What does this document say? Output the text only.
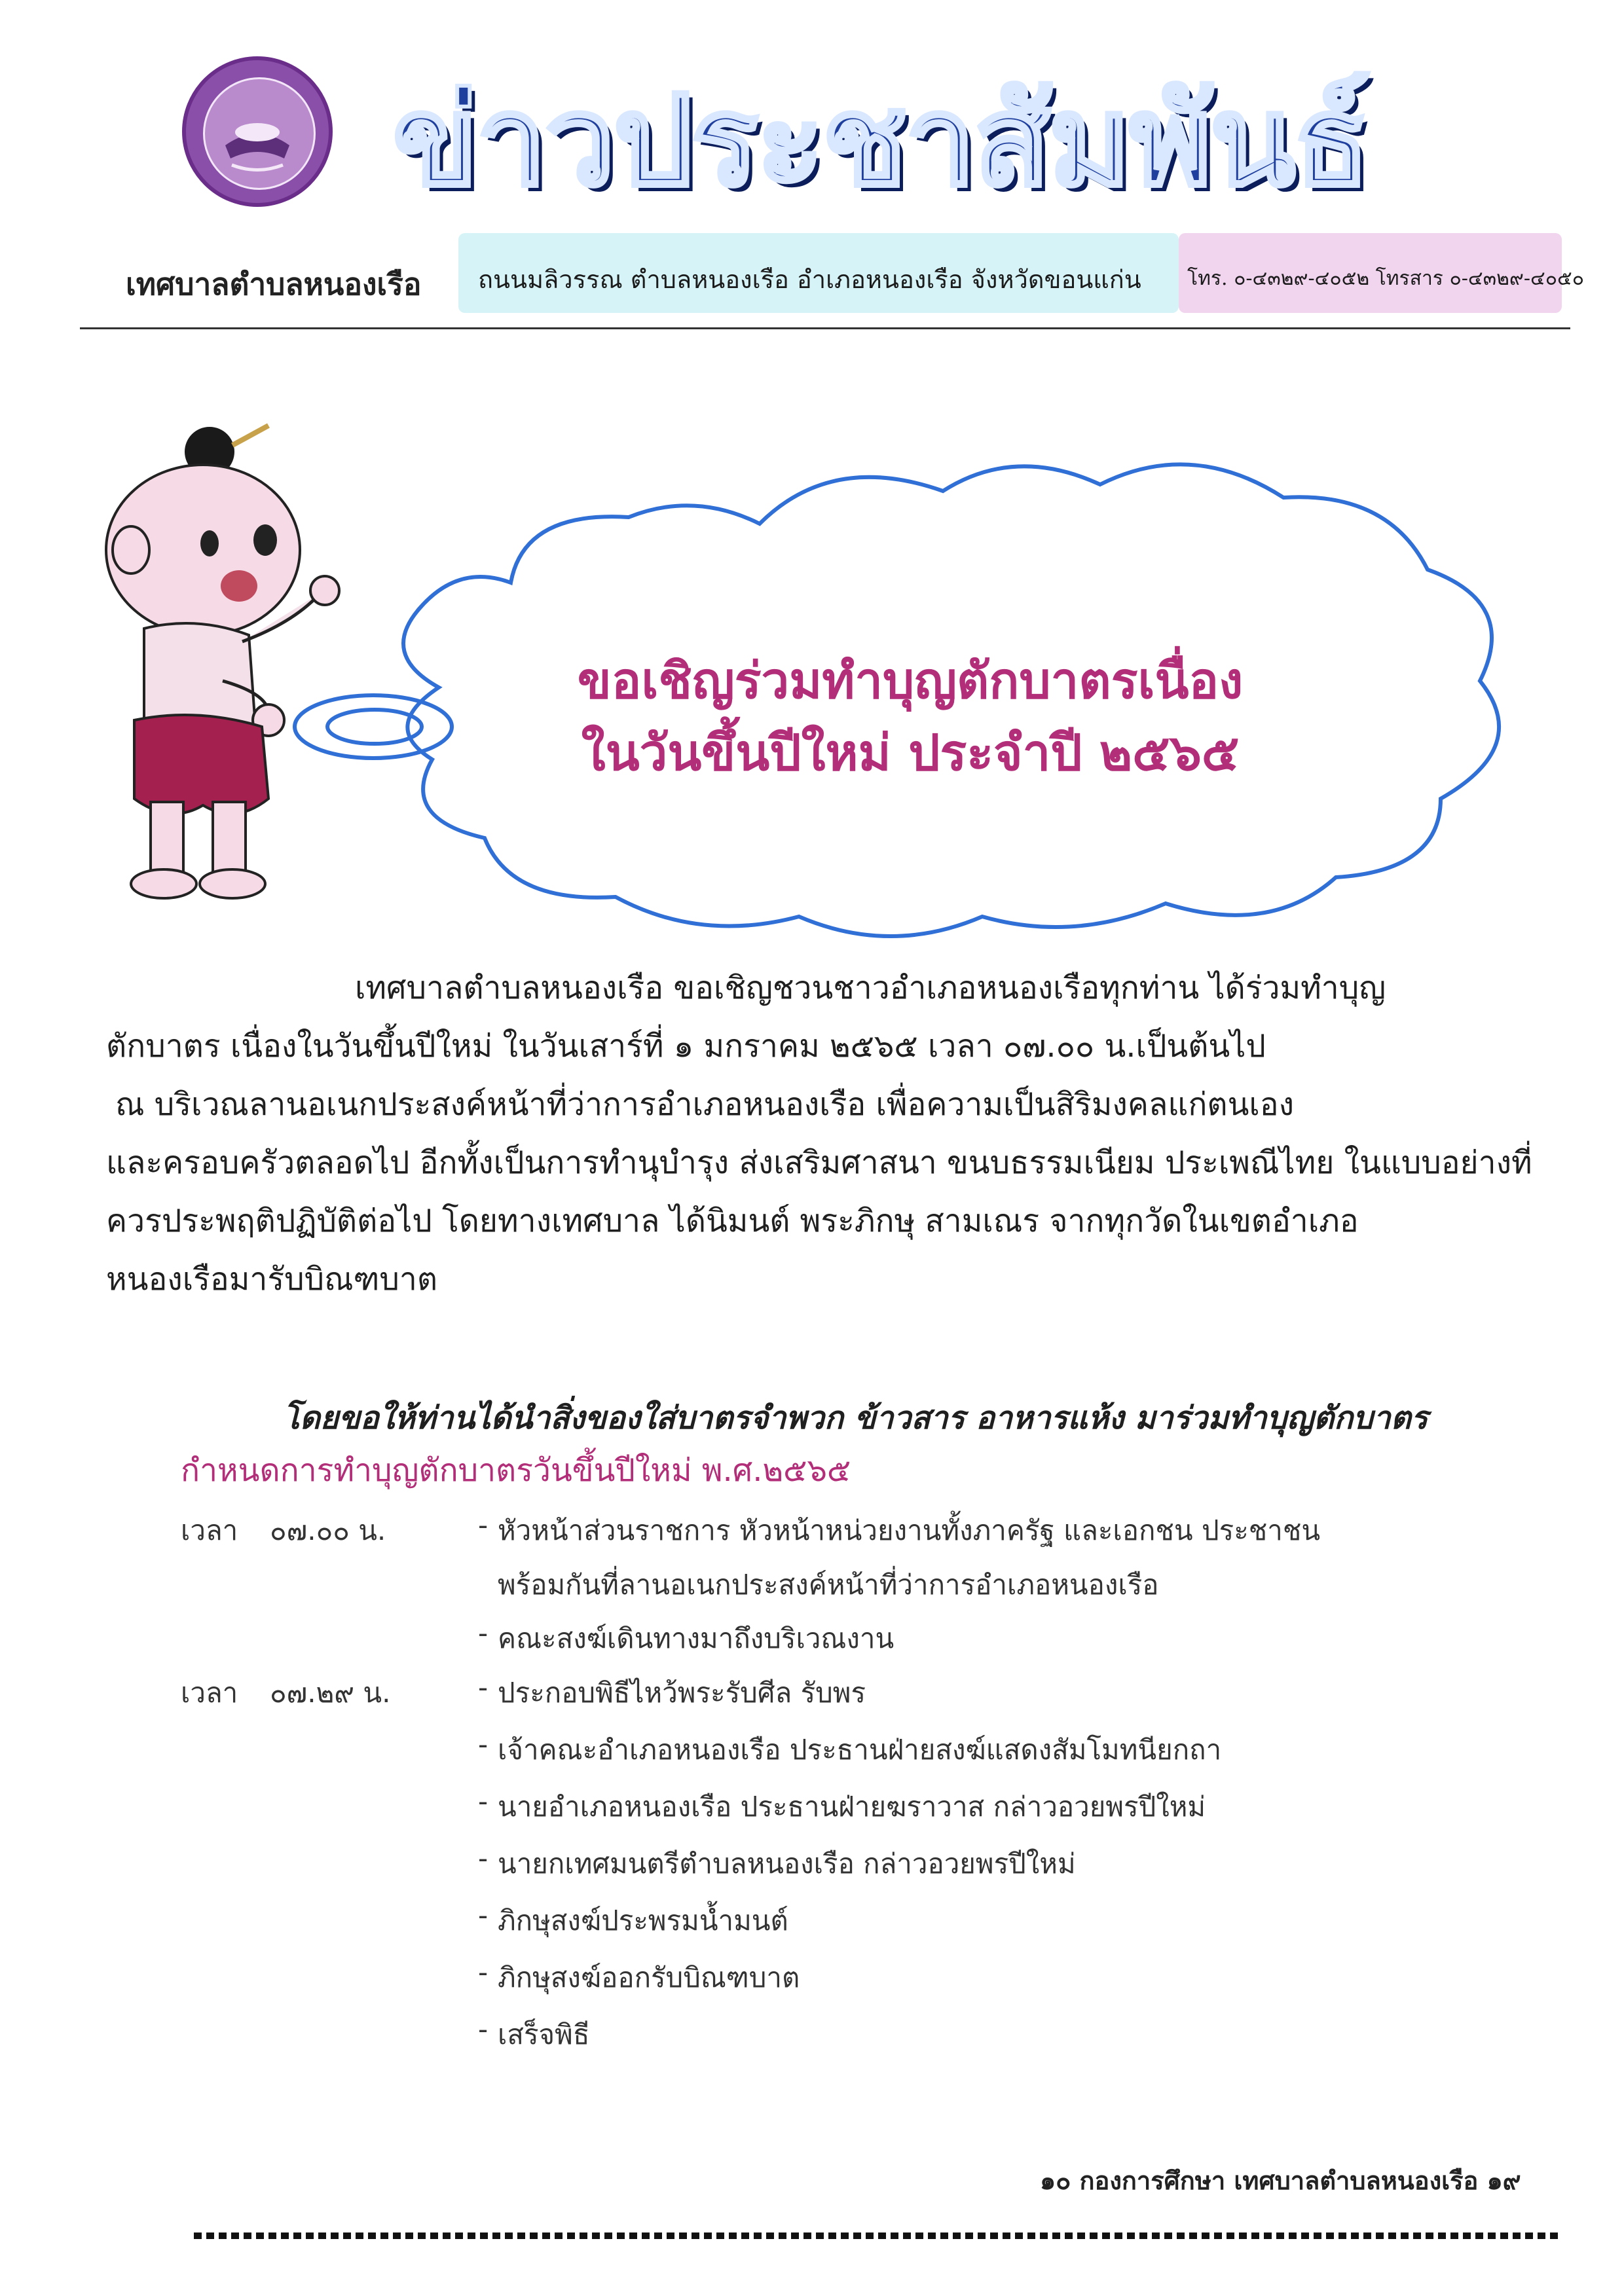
ข่าวประชาสัมพันธ์
เทศบาลตำบลหนองเรือ ถนนมลิวรรณ ตำบลหนองเรือ อำเภอหนองเรือ จังหวัดขอนแก่น โทร. ๐-๔๓๒๙-๔๐๕๒ โทรสาร ๐-๔๓๒๙-๔๐๕๐
ขอเชิญร่วมทำบุญตักบาตรเนื่อง
ในวันขึ้นปีใหม่ ประจำปี ๒๕๖๕
เทศบาลตำบลหนองเรือ ขอเชิญชวนชาวอำเภอหนองเรือทุกท่าน ได้ร่วมทำบุญ
ตักบาตร เนื่องในวันขึ้นปีใหม่ ในวันเสาร์ที่ ๑ มกราคม ๒๕๖๕ เวลา ๐๗.๐๐ น.เป็นต้นไป
ณ บริเวณลานอเนกประสงค์หน้าที่ว่าการอำเภอหนองเรือ เพื่อความเป็นสิริมงคลแก่ตนเอง
และครอบครัวตลอดไป อีกทั้งเป็นการทำนุบำรุง ส่งเสริมศาสนา ขนบธรรมเนียม ประเพณีไทย ในแบบอย่างที่
ควรประพฤติปฏิบัติต่อไป โดยทางเทศบาล ได้นิมนต์ พระภิกษุ สามเณร จากทุกวัดในเขตอำเภอ
หนองเรือมารับบิณฑบาต
โดยขอให้ท่านได้นำสิ่งของใส่บาตรจำพวก ข้าวสาร อาหารแห้ง มาร่วมทำบุญตักบาตร
กำหนดการทำบุญตักบาตรวันขึ้นปีใหม่ พ.ศ.๒๕๖๕
เวลา ๐๗.๐๐ น.	- หัวหน้าส่วนราชการ หัวหน้าหน่วยงานทั้งภาครัฐ และเอกชน ประชาชน
พร้อมกันที่ลานอเนกประสงค์หน้าที่ว่าการอำเภอหนองเรือ
- คณะสงฆ์เดินทางมาถึงบริเวณงาน
เวลา ๐๗.๒๙ น.	- ประกอบพิธีไหว้พระรับศีล รับพร
- เจ้าคณะอำเภอหนองเรือ ประธานฝ่ายสงฆ์แสดงสัมโมทนียกถา
- นายอำเภอหนองเรือ ประธานฝ่ายฆราวาส กล่าวอวยพรปีใหม่
- นายกเทศมนตรีตำบลหนองเรือ กล่าวอวยพรปีใหม่
- ภิกษุสงฆ์ประพรมน้ำมนต์
- ภิกษุสงฆ์ออกรับบิณฑบาต
- เสร็จพิธี
๑๐ กองการศึกษา เทศบาลตำบลหนองเรือ ๑๙
